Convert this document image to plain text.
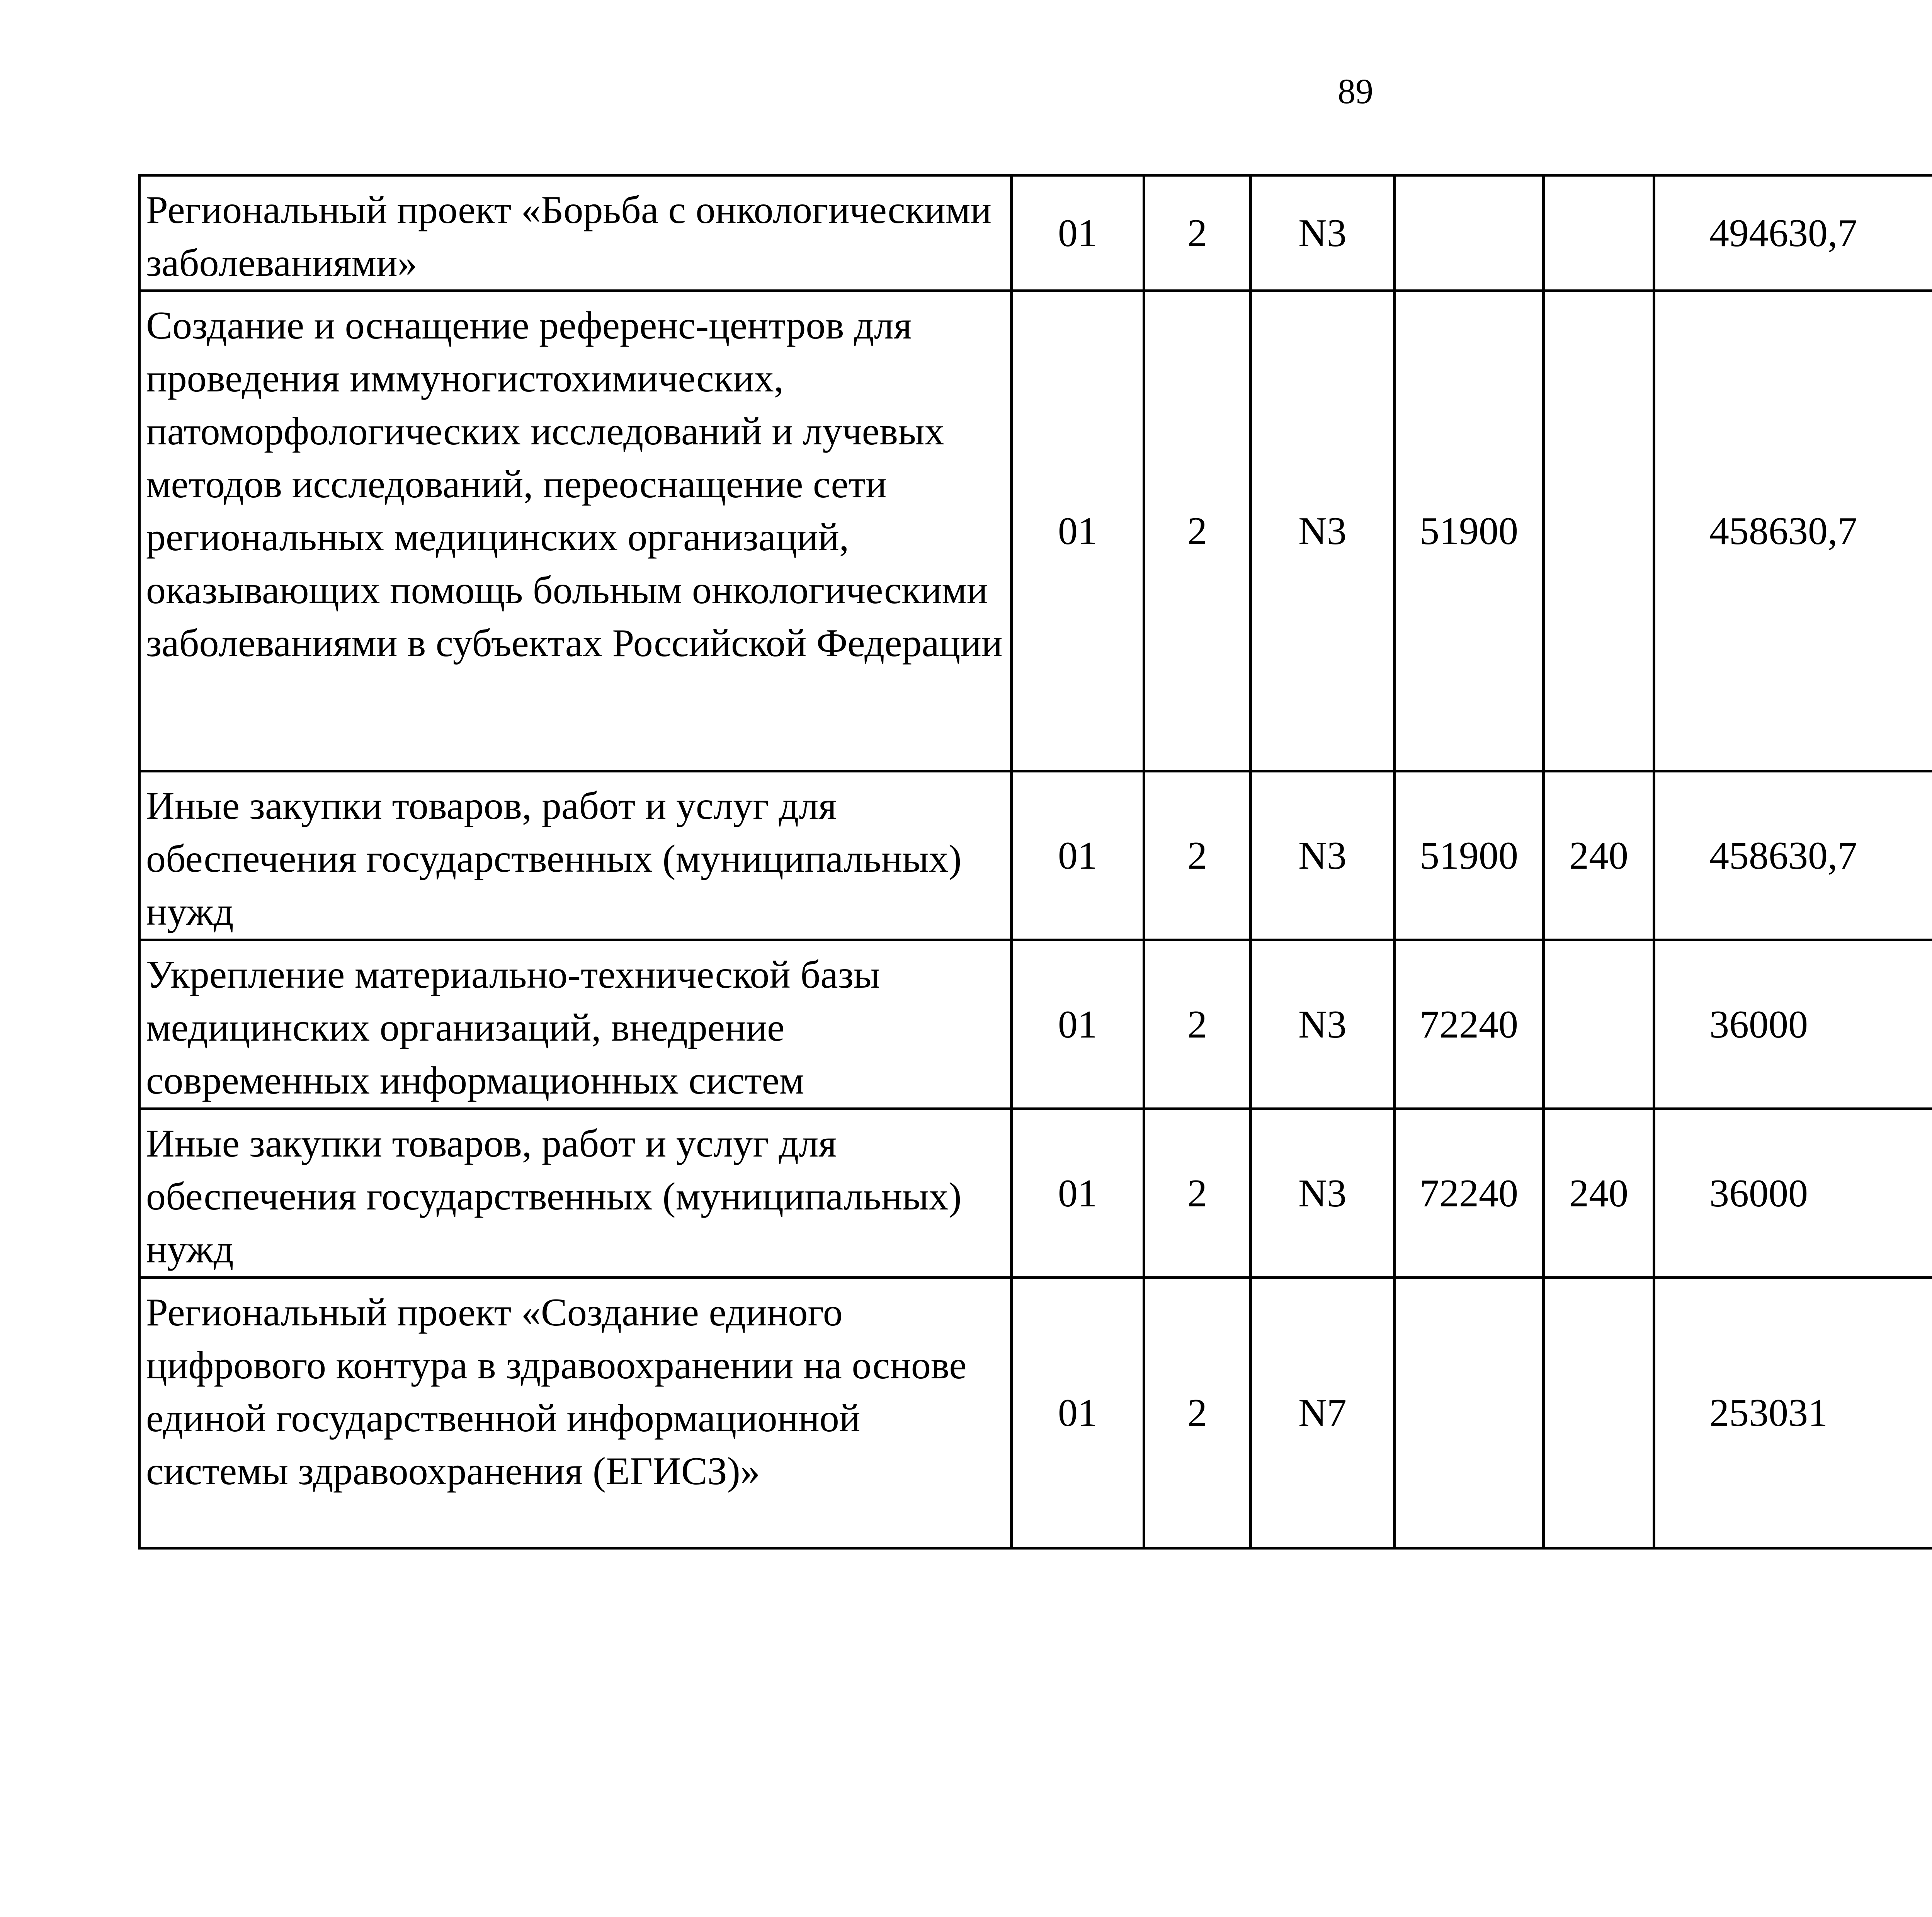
89
Региональный проект «Борьба с онкологическими заболеваниями»	01	2	N3			494630,7		
Создание и оснащение референс-центров для проведения иммуногистохимических, патоморфологических исследований и лучевых методов исследований, переоснащение сети региональных медицинских организаций, оказывающих помощь больным онкологическими заболеваниями в субъектах Российской Федерации	01	2	N3	51900		458630,7		
Иные закупки товаров, работ и услуг для обеспечения государственных (муниципальных) нужд	01	2	N3	51900	240	458630,7		
Укрепление материально-технической базы медицинских организаций, внедрение современных информационных систем	01	2	N3	72240		36000		
Иные закупки товаров, работ и услуг для обеспечения государственных (муниципальных) нужд	01	2	N3	72240	240	36000		
Региональный проект «Создание единого цифрового контура в здравоохранении на основе единой государственной информационной системы здравоохранения (ЕГИСЗ)»	01	2	N7			253031		
